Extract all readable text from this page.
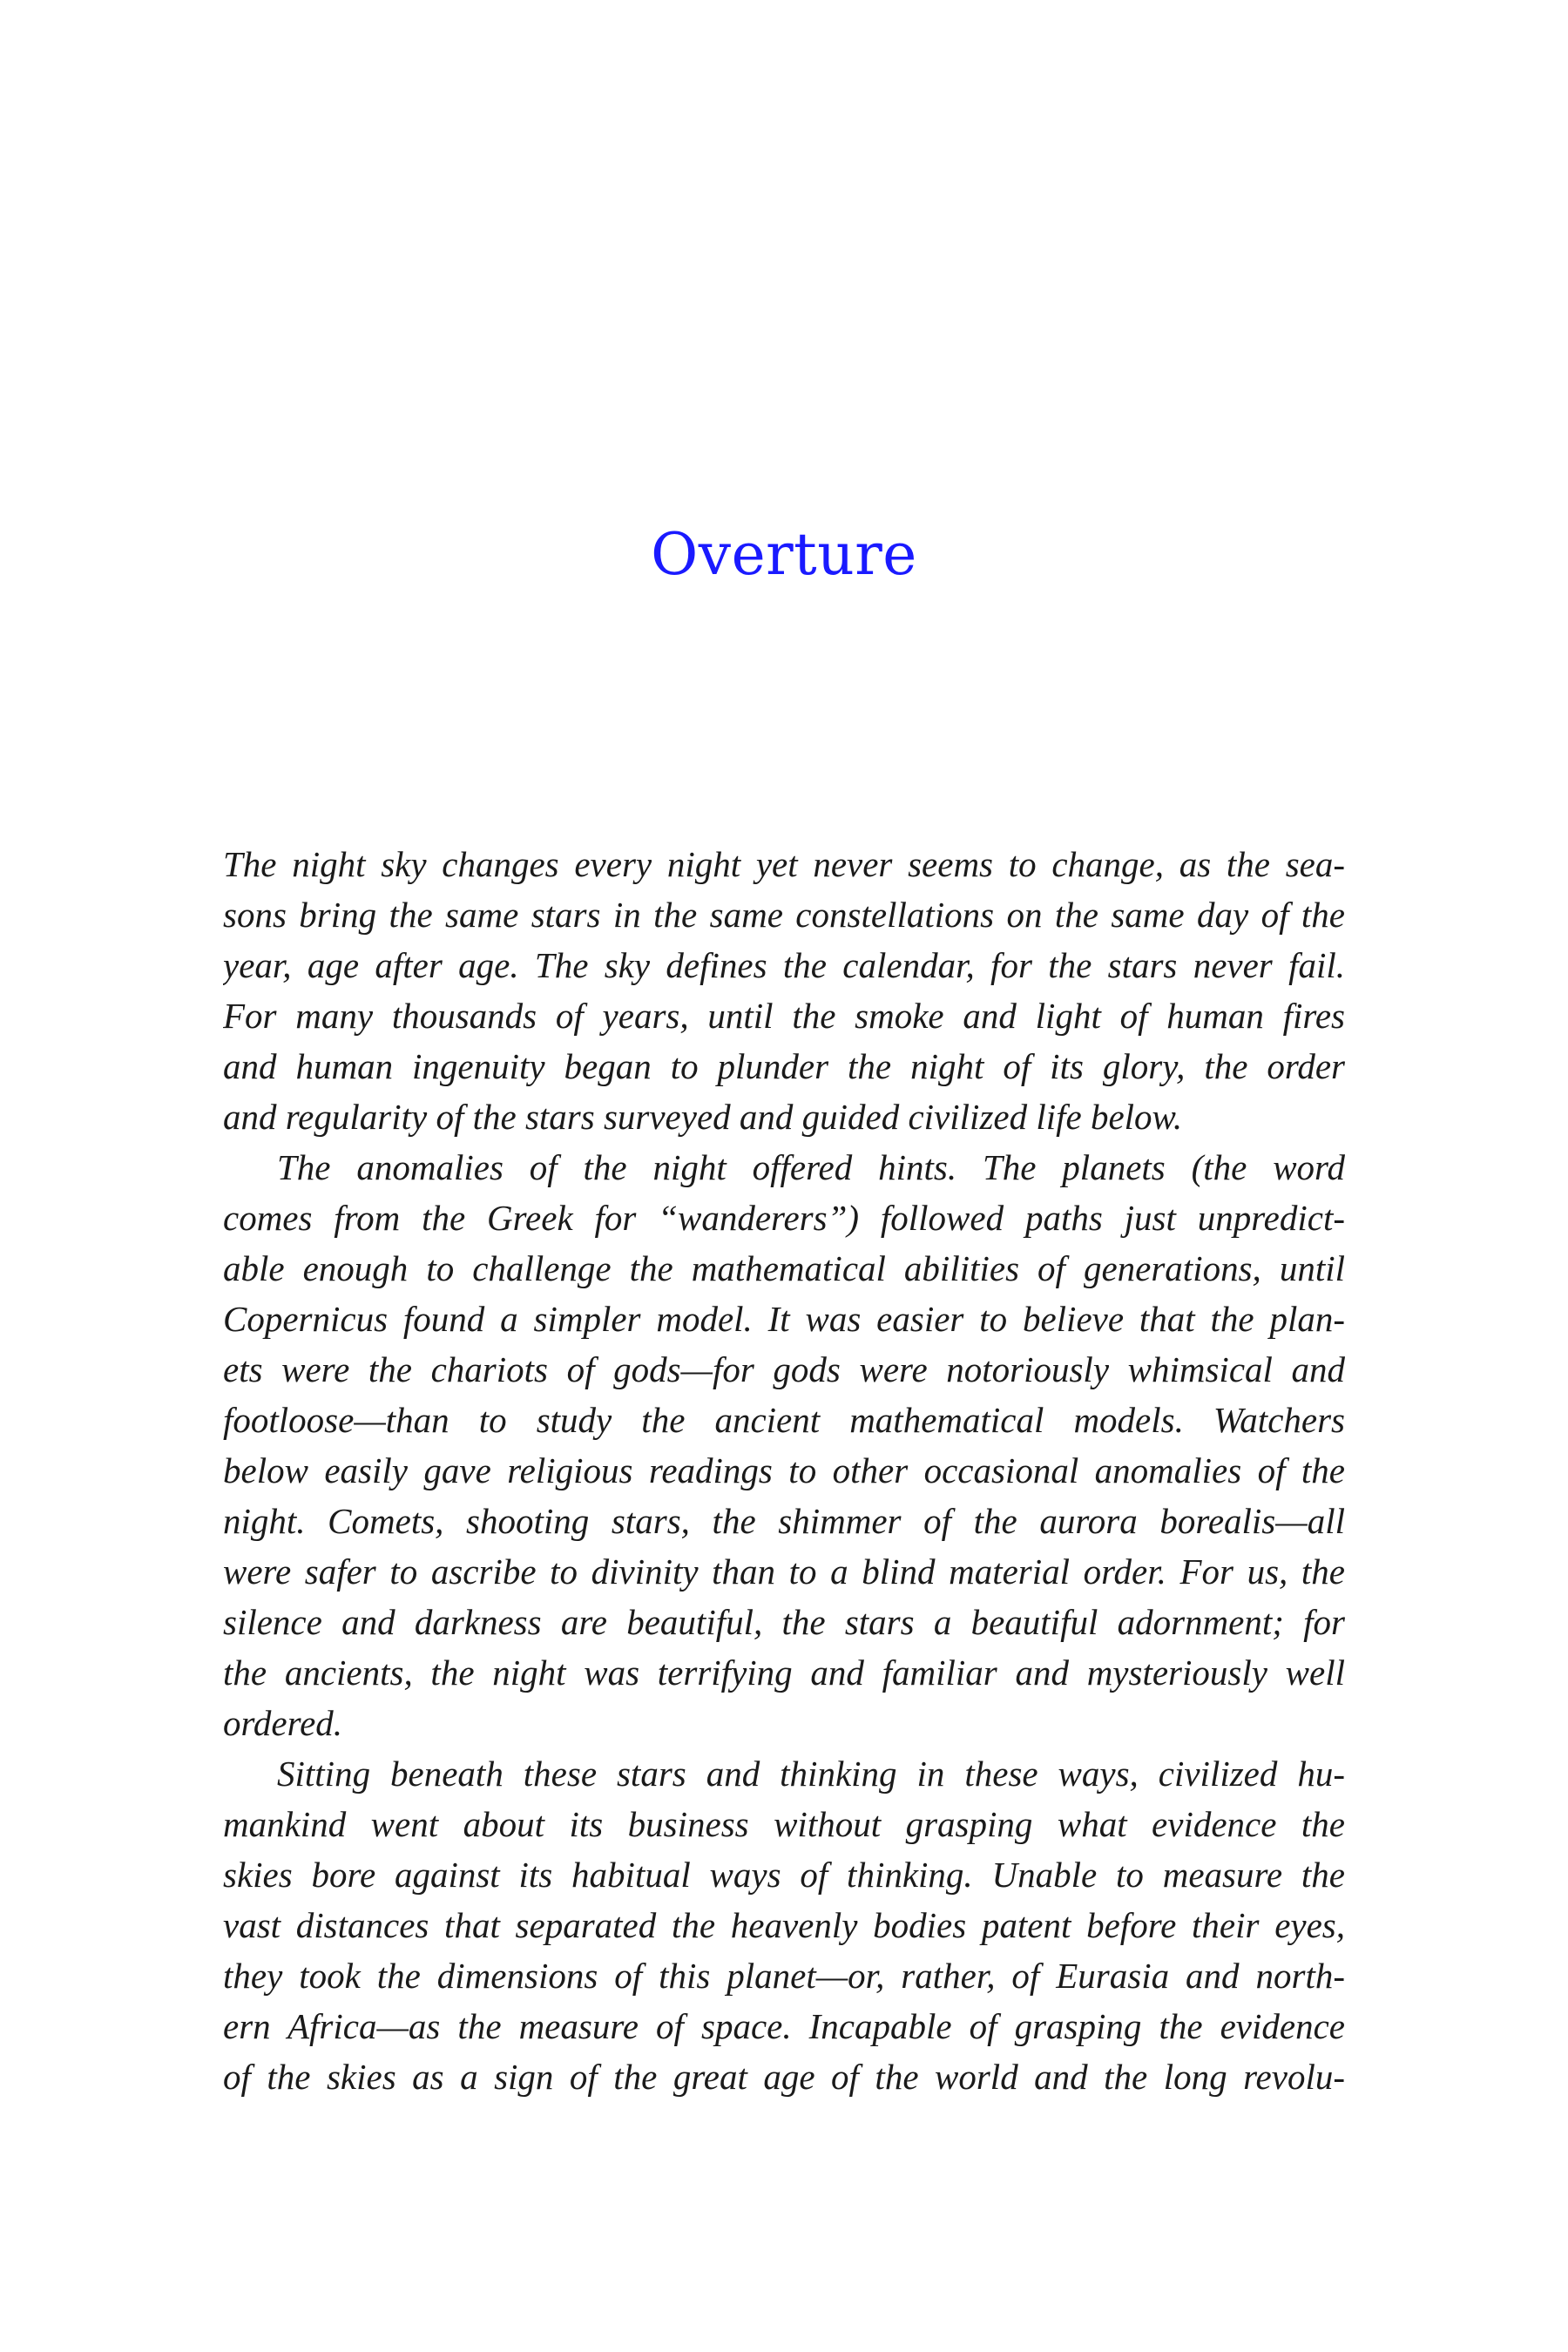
Overture

The night sky changes every night yet never seems to change, as the sea-
sons bring the same stars in the same constellations on the same day of the
year, age after age. The sky defines the calendar, for the stars never fail.
For many thousands of years, until the smoke and light of human fires
and human ingenuity began to plunder the night of its glory, the order
and regularity of the stars surveyed and guided civilized life below.

The anomalies of the night offered hints. The planets (the word
comes from the Greek for “wanderers”) followed paths just unpredict-
able enough to challenge the mathematical abilities of generations, until
Copernicus found a simpler model. It was easier to believe that the plan-
ets were the chariots of gods—for gods were notoriously whimsical and
footloose—than to study the ancient mathematical models. Watchers
below easily gave religious readings to other occasional anomalies of the
night. Comets, shooting stars, the shimmer of the aurora borealis—all
were safer to ascribe to divinity than to a blind material order. For us, the
silence and darkness are beautiful, the stars a beautiful adornment; for
the ancients, the night was terrifying and familiar and mysteriously well
ordered.

Sitting beneath these stars and thinking in these ways, civilized hu-
mankind went about its business without grasping what evidence the
skies bore against its habitual ways of thinking. Unable to measure the
vast distances that separated the heavenly bodies patent before their eyes,
they took the dimensions of this planet—or, rather, of Eurasia and north-
ern Africa—as the measure of space. Incapable of grasping the evidence
of the skies as a sign of the great age of the world and the long revolu-
